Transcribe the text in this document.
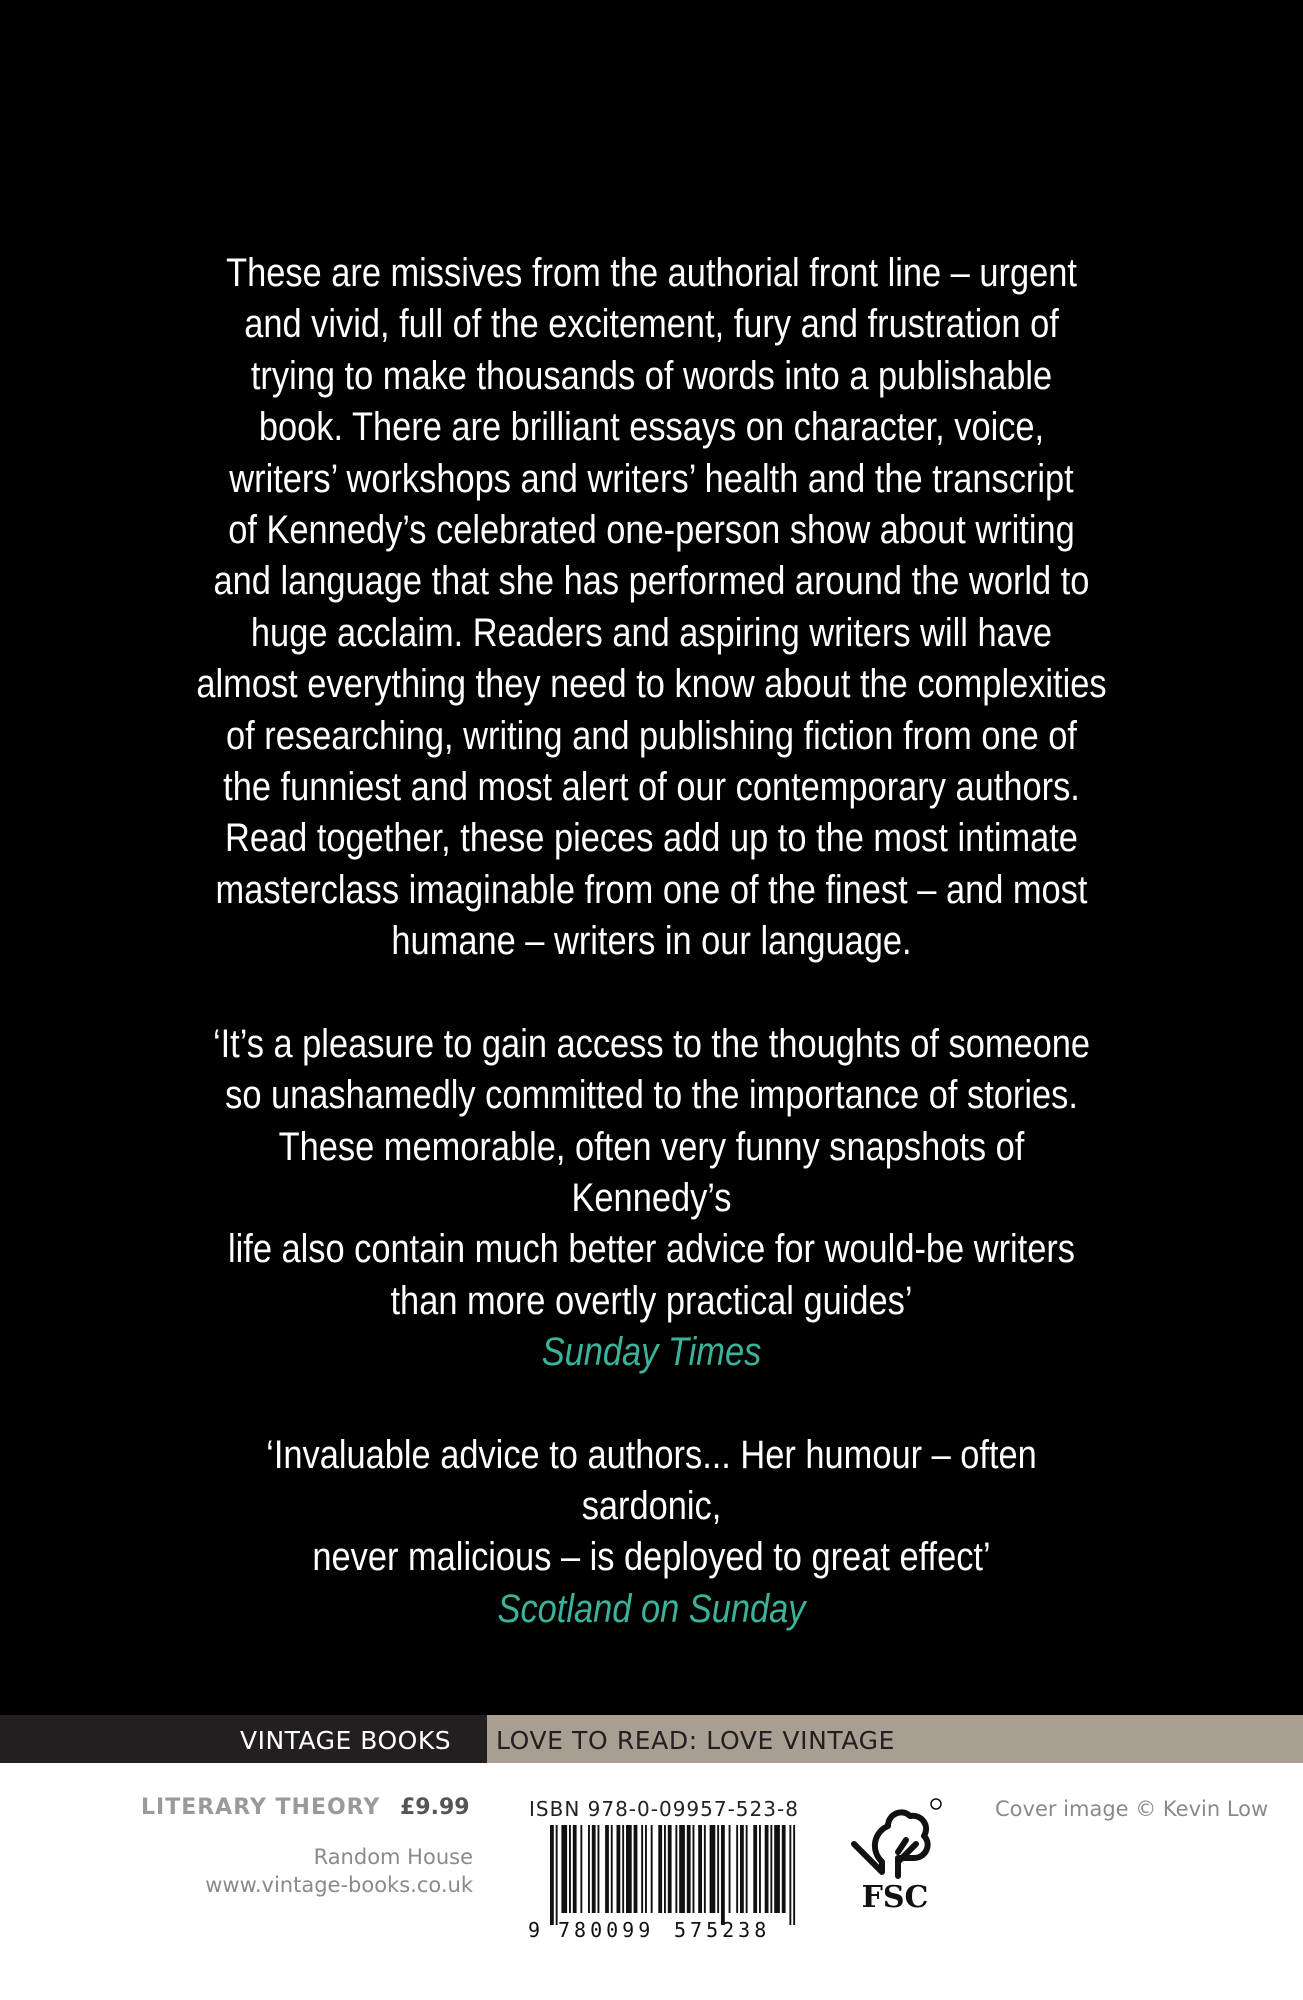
These are missives from the authorial front line – urgent
and vivid, full of the excitement, fury and frustration of
trying to make thousands of words into a publishable
book. There are brilliant essays on character, voice,
writers’ workshops and writers’ health and the transcript
of Kennedy’s celebrated one-person show about writing
and language that she has performed around the world to
huge acclaim. Readers and aspiring writers will have
almost everything they need to know about the complexities
of researching, writing and publishing fiction from one of
the funniest and most alert of our contemporary authors.
Read together, these pieces add up to the most intimate
masterclass imaginable from one of the finest – and most
humane – writers in our language.

‘It’s a pleasure to gain access to the thoughts of someone
so unashamedly committed to the importance of stories.
These memorable, often very funny snapshots of Kennedy’s
life also contain much better advice for would-be writers
than more overtly practical guides’
Sunday Times

‘Invaluable advice to authors... Her humour – often sardonic,
never malicious – is deployed to great effect’
Scotland on Sunday

VINTAGE BOOKS LOVE TO READ: LOVE VINTAGE
LITERARY THEORY £9.99
Random House
www.vintage-books.co.uk
ISBN 978-0-09957-523-8	Cover image © Kevin Low
9 780099 575238
FSC
